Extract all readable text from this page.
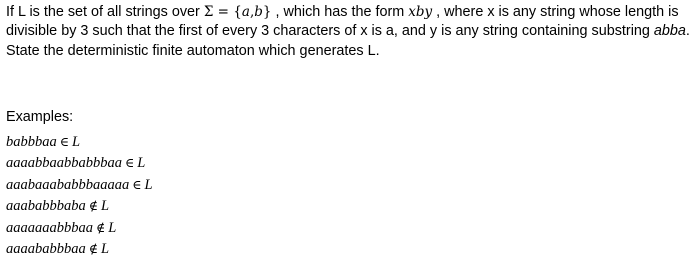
If L is the set of all strings over Σ = {a,b} , which has the form xby , where x is any string whose length is divisible by 3 such that the first of every 3 characters of x is a, and y is any string containing substring abba.

State the deterministic finite automaton which generates L.

Examples:

babbbaa ∈ L
aaaabbaabbabbbaa ∈ L
aaabaaababbbaaaaa ∈ L
aaababbbaba ∉ L
aaaaaaabbbaa ∉ L
aaaababbbaa ∉ L
